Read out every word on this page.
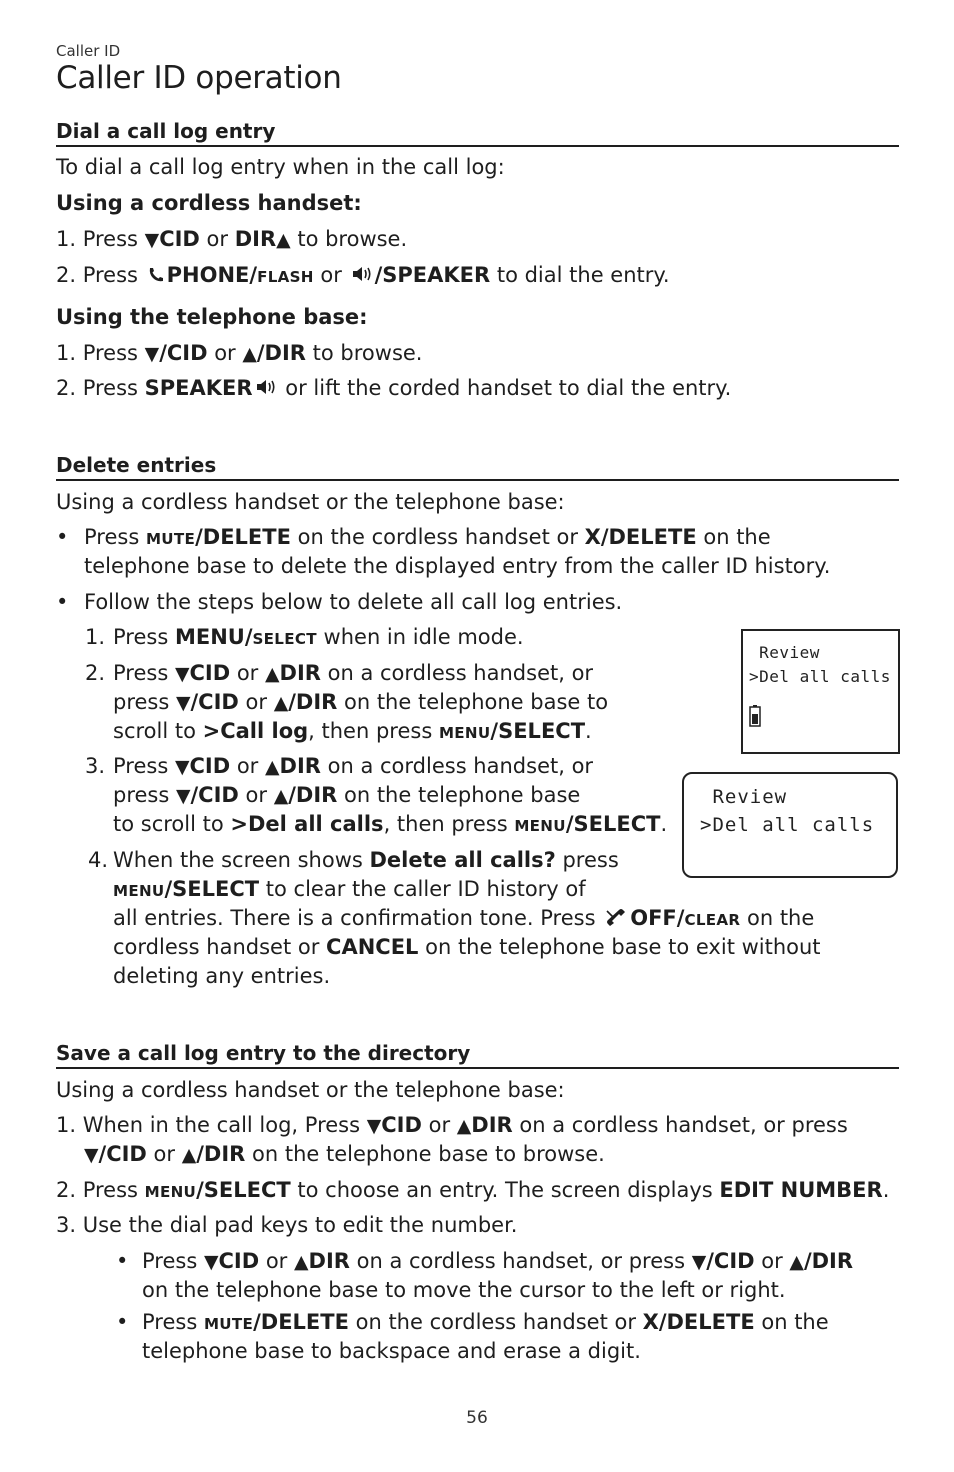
Caller ID
Caller ID operation
Dial a call log entry
To dial a call log entry when in the call log:
Using a cordless handset:
1. Press ▼CID or DIR▲ to browse.
2. Press PHONE/FLASH or /SPEAKER to dial the entry.
Using the telephone base:
1. Press ▼/CID or ▲/DIR to browse.
2. Press SPEAKER or lift the corded handset to dial the entry.
Delete entries
Using a cordless handset or the telephone base:
• Press MUTE/DELETE on the cordless handset or X/DELETE on the
telephone base to delete the displayed entry from the caller ID history.
• Follow the steps below to delete all call log entries.
1. Press MENU/SELECT when in idle mode.
2. Press ▼CID or ▲DIR on a cordless handset, or
press ▼/CID or ▲/DIR on the telephone base to
scroll to >Call log, then press MENU/SELECT.
3. Press ▼CID or ▲DIR on a cordless handset, or
press ▼/CID or ▲/DIR on the telephone base
to scroll to >Del all calls, then press MENU/SELECT.
4. When the screen shows Delete all calls? press
MENU/SELECT to clear the caller ID history of
all entries. There is a confirmation tone. Press OFF/CLEAR on the
cordless handset or CANCEL on the telephone base to exit without
deleting any entries.
Review
>Del all calls
Review
>Del all calls
Save a call log entry to the directory
Using a cordless handset or the telephone base:
1. When in the call log, Press ▼CID or ▲DIR on a cordless handset, or press
▼/CID or ▲/DIR on the telephone base to browse.
2. Press MENU/SELECT to choose an entry. The screen displays EDIT NUMBER.
3. Use the dial pad keys to edit the number.
• Press ▼CID or ▲DIR on a cordless handset, or press ▼/CID or ▲/DIR
on the telephone base to move the cursor to the left or right.
• Press MUTE/DELETE on the cordless handset or X/DELETE on the
telephone base to backspace and erase a digit.
56
